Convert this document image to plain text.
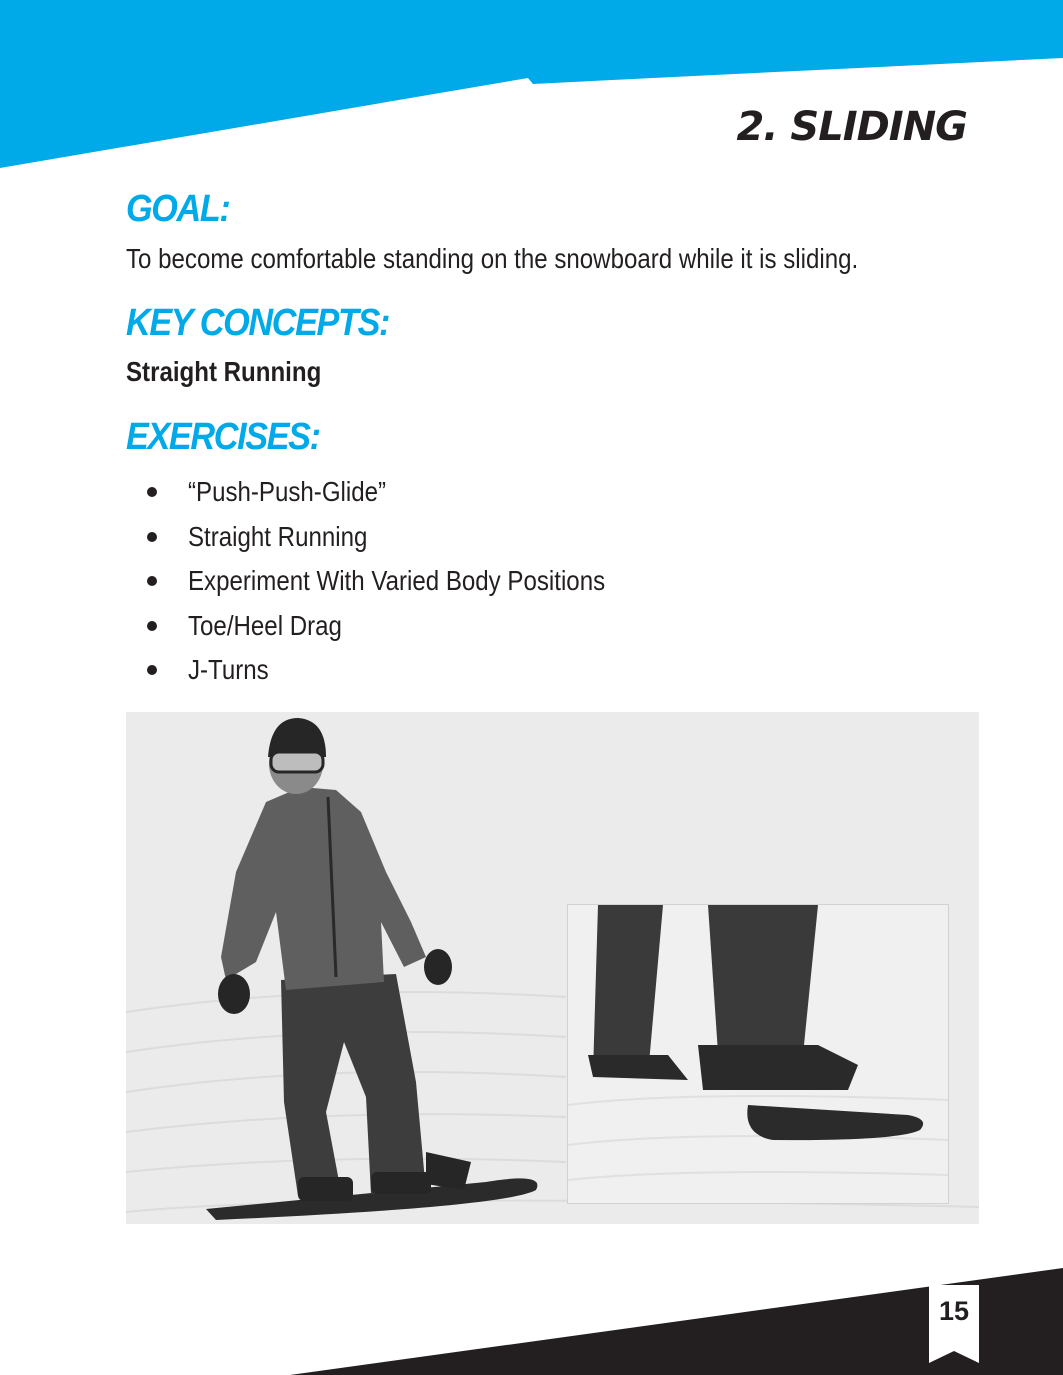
2. SLIDING
GOAL:

To become comfortable standing on the snowboard while it is sliding.

KEY CONCEPTS:

Straight Running

EXERCISES:
“Push-Push-Glide”
Straight Running
Experiment With Varied Body Positions
Toe/Heel Drag
J-Turns
15
